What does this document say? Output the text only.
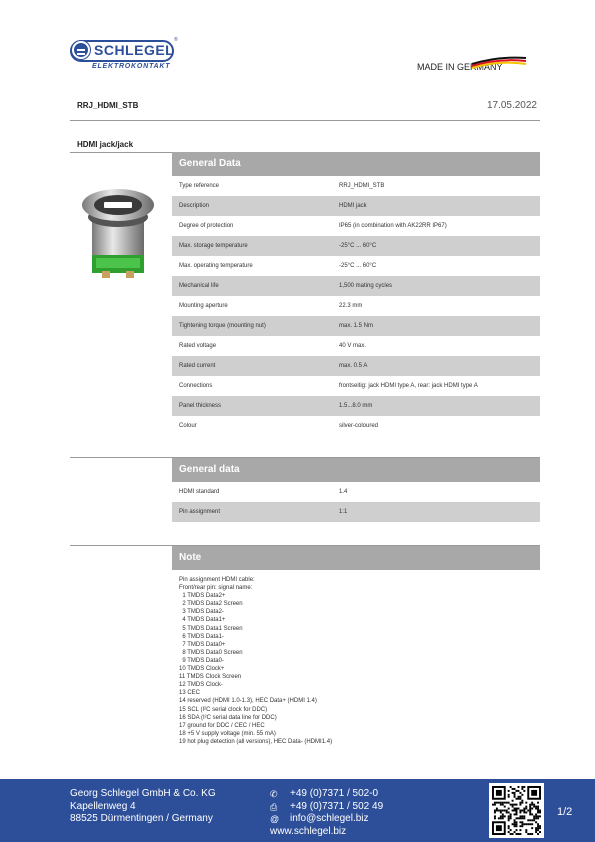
SCHLEGEL
®
ELEKTROKONTAKT	MADE IN GERMANY
RRJ_HDMI_STB	17.05.2022
HDMI jack/jack
General Data
Type reference	RRJ_HDMI_STB
Description	HDMI jack
Degree of protection	IP65 (in combination with AK22RR IP67)
Max. storage temperature	-25°C ... 60°C
Max. operating temperature	-25°C ... 60°C
Mechanical life	1,500 mating cycles
Mounting aperture	22.3 mm
Tightening torque (mounting nut)	max. 1.5 Nm
Rated voltage	40 V max.
Rated current	max. 0.5 A
Connections	frontseitig: jack HDMI type A, rear: jack HDMI type A
Panel thickness	1.5...8.0 mm
Colour	silver-coloured
General data
HDMI standard	1.4
Pin assignment	1:1
Note
Pin assignment HDMI cable:
Front/rear pin: signal name:
1 TMDS Data2+
2 TMDS Data2 Screen
3 TMDS Data2-
4 TMDS Data1+
5 TMDS Data1 Screen
6 TMDS Data1-
7 TMDS Data0+
8 TMDS Data0 Screen
9 TMDS Data0-
10 TMDS Clock+
11 TMDS Clock Screen
12 TMDS Clock-
13 CEC
14 reserved (HDMI 1.0-1.3), HEC Data+ (HDMI 1.4)
15 SCL (I²C serial clock for DDC)
16 SDA (I²C serial data line for DDC)
17 ground for DDC / CEC / HEC
18 +5 V supply voltage (min. 55 mA)
19 hot plug detection (all versions), HEC Data- (HDMI1.4)
Georg Schlegel GmbH & Co. KG
Kapellenweg 4
88525 Dürmentingen / Germany
✆	+49 (0)7371 / 502-0
⎙	+49 (0)7371 / 502 49
@	info@schlegel.biz
www.schlegel.biz
1/2
